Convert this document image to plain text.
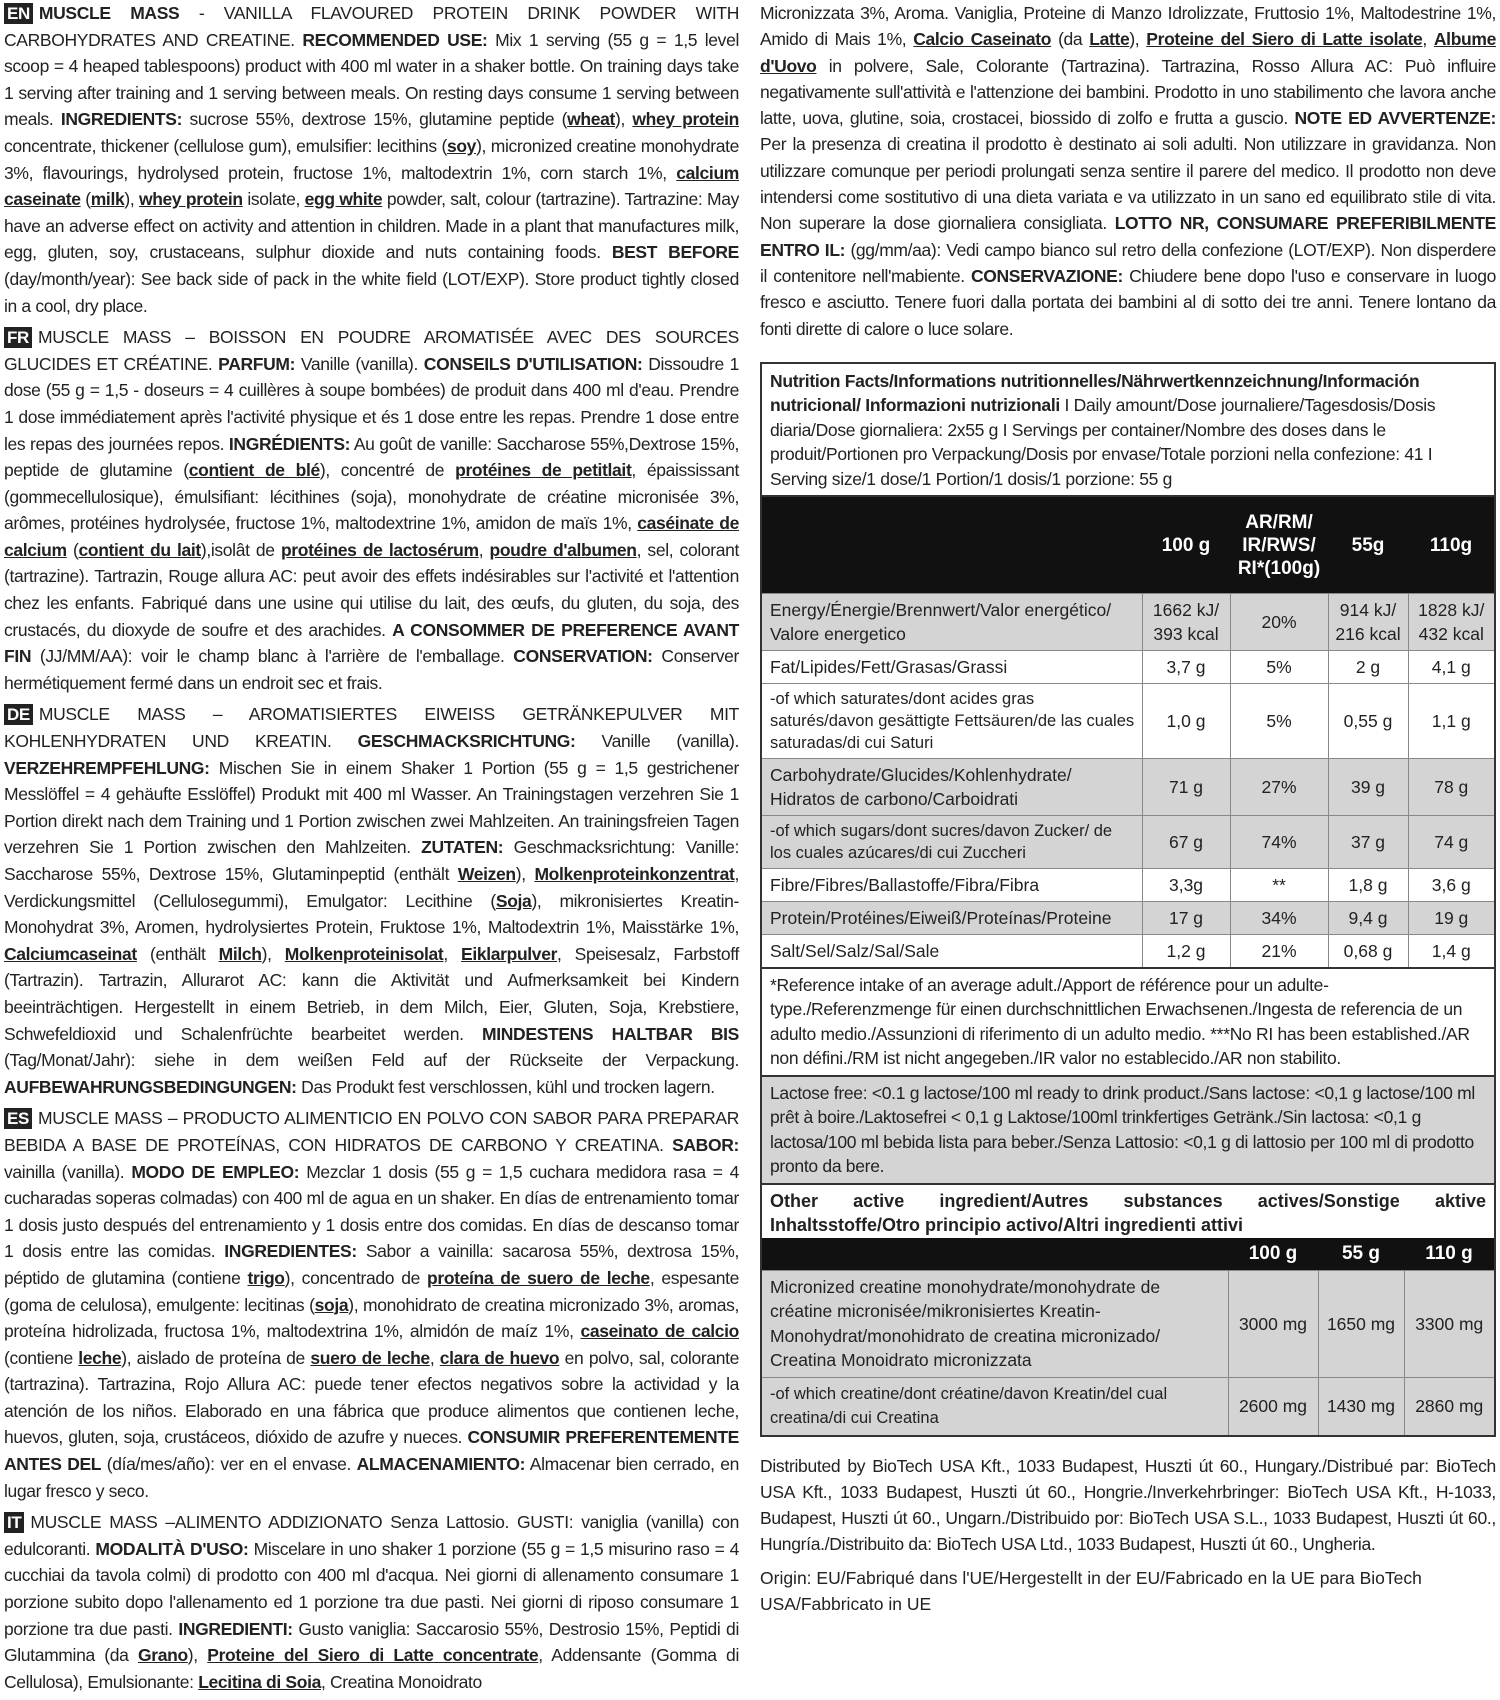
EN MUSCLE MASS - VANILLA FLAVOURED PROTEIN DRINK POWDER WITH CARBOHYDRATES AND CREATINE. RECOMMENDED USE: Mix 1 serving (55 g = 1,5 level scoop = 4 heaped tablespoons) product with 400 ml water in a shaker bottle. On training days take 1 serving after training and 1 serving between meals. On resting days consume 1 serving between meals. INGREDIENTS: sucrose 55%, dextrose 15%, glutamine peptide (wheat), whey protein concentrate, thickener (cellulose gum), emulsifier: lecithins (soy), micronized creatine monohydrate 3%, flavourings, hydrolysed protein, fructose 1%, maltodextrin 1%, corn starch 1%, calcium caseinate (milk), whey protein isolate, egg white powder, salt, colour (tartrazine). Tartrazine: May have an adverse effect on activity and attention in children. Made in a plant that manufactures milk, egg, gluten, soy, crustaceans, sulphur dioxide and nuts containing foods. BEST BEFORE (day/month/year): See back side of pack in the white field (LOT/EXP). Store product tightly closed in a cool, dry place.

FR MUSCLE MASS – BOISSON EN POUDRE AROMATISÉE AVEC DES SOURCES GLUCIDES ET CRÉATINE. PARFUM: Vanille (vanilla). CONSEILS D'UTILISATION: Dissoudre 1 dose (55 g = 1,5 - doseurs = 4 cuillères à soupe bombées) de produit dans 400 ml d'eau. Prendre 1 dose immédiatement après l'activité physique et és 1 dose entre les repas. Prendre 1 dose entre les repas des journées repos. INGRÉDIENTS: Au goût de vanille: Saccharose 55%,Dextrose 15%, peptide de glutamine (contient de blé), concentré de protéines de petitlait, épaississant (gommecellulosique), émulsifiant: lécithines (soja), monohydrate de créatine micronisée 3%, arômes, protéines hydrolysée, fructose 1%, maltodextrine 1%, amidon de maïs 1%, caséinate de calcium (contient du lait),isolât de protéines de lactosérum, poudre d'albumen, sel, colorant (tartrazine). Tartrazin, Rouge allura AC: peut avoir des effets indésirables sur l'activité et l'attention chez les enfants. Fabriqué dans une usine qui utilise du lait, des œufs, du gluten, du soja, des crustacés, du dioxyde de soufre et des arachides. A CONSOMMER DE PREFERENCE AVANT FIN (JJ/MM/AA): voir le champ blanc à l'arrière de l'emballage. CONSERVATION: Conserver hermétiquement fermé dans un endroit sec et frais.

DE MUSCLE MASS – AROMATISIERTES EIWEISS GETRÄNKEPULVER MIT KOHLENHYDRATEN UND KREATIN. GESCHMACKSRICHTUNG: Vanille (vanilla). VERZEHREMPFEHLUNG: Mischen Sie in einem Shaker 1 Portion (55 g = 1,5 gestrichener Messlöffel = 4 gehäufte Esslöffel) Produkt mit 400 ml Wasser. An Trainingstagen verzehren Sie 1 Portion direkt nach dem Training und 1 Portion zwischen zwei Mahlzeiten. An trainingsfreien Tagen verzehren Sie 1 Portion zwischen den Mahlzeiten. ZUTATEN: Geschmacksrichtung: Vanille: Saccharose 55%, Dextrose 15%, Glutaminpeptid (enthält Weizen), Molkenproteinkonzentrat, Verdickungsmittel (Cellulosegummi), Emulgator: Lecithine (Soja), mikronisiertes Kreatin-Monohydrat 3%, Aromen, hydrolysiertes Protein, Fruktose 1%, Maltodextrin 1%, Maisstärke 1%, Calciumcaseinat (enthält Milch), Molkenproteinisolat, Eiklarpulver, Speisesalz, Farbstoff (Tartrazin). Tartrazin, Allurarot AC: kann die Aktivität und Aufmerksamkeit bei Kindern beeinträchtigen. Hergestellt in einem Betrieb, in dem Milch, Eier, Gluten, Soja, Krebstiere, Schwefeldioxid und Schalenfrüchte bearbeitet werden. MINDESTENS HALTBAR BIS (Tag/Monat/Jahr): siehe in dem weißen Feld auf der Rückseite der Verpackung. AUFBEWAHRUNGSBEDINGUNGEN: Das Produkt fest verschlossen, kühl und trocken lagern.

ES MUSCLE MASS – PRODUCTO ALIMENTICIO EN POLVO CON SABOR PARA PREPARAR BEBIDA A BASE DE PROTEÍNAS, CON HIDRATOS DE CARBONO Y CREATINA. SABOR: vainilla (vanilla). MODO DE EMPLEO: Mezclar 1 dosis (55 g = 1,5 cuchara medidora rasa = 4 cucharadas soperas colmadas) con 400 ml de agua en un shaker. En días de entrenamiento tomar 1 dosis justo después del entrenamiento y 1 dosis entre dos comidas. En días de descanso tomar 1 dosis entre las comidas. INGREDIENTES: Sabor a vainilla: sacarosa 55%, dextrosa 15%, péptido de glutamina (contiene trigo), concentrado de proteína de suero de leche, espesante (goma de celulosa), emulgente: lecitinas (soja), monohidrato de creatina micronizado 3%, aromas, proteína hidrolizada, fructosa 1%, maltodextrina 1%, almidón de maíz 1%, caseinato de calcio (contiene leche), aislado de proteína de suero de leche, clara de huevo en polvo, sal, colorante (tartrazina). Tartrazina, Rojo Allura AC: puede tener efectos negativos sobre la actividad y la atención de los niños. Elaborado en una fábrica que produce alimentos que contienen leche, huevos, gluten, soja, crustáceos, dióxido de azufre y nueces. CONSUMIR PREFERENTEMENTE ANTES DEL (día/mes/año): ver en el envase. ALMACENAMIENTO: Almacenar bien cerrado, en lugar fresco y seco.

IT MUSCLE MASS –ALIMENTO ADDIZIONATO Senza Lattosio. GUSTI: vaniglia (vanilla) con edulcoranti. MODALITÀ D'USO: Miscelare in uno shaker 1 porzione (55 g = 1,5 misurino raso = 4 cucchiai da tavola colmi) di prodotto con 400 ml d'acqua. Nei giorni di allenamento consumare 1 porzione subito dopo l'allenamento ed 1 porzione tra due pasti. Nei giorni di riposo consumare 1 porzione tra due pasti. INGREDIENTI: Gusto vaniglia: Saccarosio 55%, Destrosio 15%, Peptidi di Glutammina (da Grano), Proteine del Siero di Latte concentrate, Addensante (Gomma di Cellulosa), Emulsionante: Lecitina di Soia, Creatina Monoidrato

Micronizzata 3%, Aroma. Vaniglia, Proteine di Manzo Idrolizzate, Fruttosio 1%, Maltodestrine 1%, Amido di Mais 1%, Calcio Caseinato (da Latte), Proteine del Siero di Latte isolate, Albume d'Uovo in polvere, Sale, Colorante (Tartrazina). Tartrazina, Rosso Allura AC: Può influire negativamente sull'attività e l'attenzione dei bambini. Prodotto in uno stabilimento che lavora anche latte, uova, glutine, soia, crostacei, biossido di zolfo e frutta a guscio. NOTE ED AVVERTENZE: Per la presenza di creatina il prodotto è destinato ai soli adulti. Non utilizzare in gravidanza. Non utilizzare comunque per periodi prolungati senza sentire il parere del medico. Il prodotto non deve intendersi come sostitutivo di una dieta variata e va utilizzato in un sano ed equilibrato stile di vita. Non superare la dose giornaliera consigliata. LOTTO NR, CONSUMARE PREFERIBILMENTE ENTRO IL: (gg/mm/aa): Vedi campo bianco sul retro della confezione (LOT/EXP). Non disperdere il contenitore nell'mabiente. CONSERVAZIONE: Chiudere bene dopo l'uso e conservare in luogo fresco e asciutto. Tenere fuori dalla portata dei bambini al di sotto dei tre anni. Tenere lontano da fonti dirette di calore o luce solare.

Nutrition Facts/Informations nutritionnelles/Nährwertkennzeichnung/Información nutricional/ Informazioni nutrizionali I Daily amount/Dose journaliere/Tagesdosis/Dosis diaria/Dose giornaliera: 2x55 g I Servings per container/Nombre des doses dans le produit/Portionen pro Verpackung/Dosis por envase/Totale porzioni nella confezione: 41 I Serving size/1 dose/1 Portion/1 dosis/1 porzione: 55 g
	100 g	AR/RM/ IR/RWS/ RI*(100g)	55g	110g
Energy/Énergie/Brennwert/Valor energético/ Valore energetico	1662 kJ/ 393 kcal	20%	914 kJ/ 216 kcal	1828 kJ/ 432 kcal
Fat/Lipides/Fett/Grasas/Grassi	3,7 g	5%	2 g	4,1 g
-of which saturates/dont acides gras saturés/davon gesättigte Fettsäuren/de las cuales saturadas/di cui Saturi	1,0 g	5%	0,55 g	1,1 g
Carbohydrate/Glucides/Kohlenhydrate/ Hidratos de carbono/Carboidrati	71 g	27%	39 g	78 g
-of which sugars/dont sucres/davon Zucker/ de los cuales azúcares/di cui Zuccheri	67 g	74%	37 g	74 g
Fibre/Fibres/Ballastoffe/Fibra/Fibra	3,3g	**	1,8 g	3,6 g
Protein/Protéines/Eiweiß/Proteínas/Proteine	17 g	34%	9,4 g	19 g
Salt/Sel/Salz/Sal/Sale	1,2 g	21%	0,68 g	1,4 g
*Reference intake of an average adult./Apport de référence pour un adulte-type./Referenzmenge für einen durchschnittlichen Erwachsenen./Ingesta de referencia de un adulto medio./Assunzioni di riferimento di un adulto medio. ***No RI has been established./AR non défini./RM ist nicht angegeben./IR valor no establecido./AR non stabilito.
Lactose free: <0.1 g lactose/100 ml ready to drink product./Sans lactose: <0,1 g lactose/100 ml prêt à boire./Laktosefrei < 0,1 g Laktose/100ml trinkfertiges Getränk./Sin lactosa: <0,1 g lactosa/100 ml bebida lista para beber./Senza Lattosio: <0,1 g di lattosio per 100 ml di prodotto pronto da bere.
Other active ingredient/Autres substances actives/Sonstige aktive Inhaltsstoffe/Otro principio activo/Altri ingredienti attivi
	100 g	55 g	110 g
Micronized creatine monohydrate/monohydrate de créatine micronisée/mikronisiertes Kreatin-Monohydrat/monohidrato de creatina micronizado/ Creatina Monoidrato micronizzata	3000 mg	1650 mg	3300 mg
-of which creatine/dont créatine/davon Kreatin/del cual creatina/di cui Creatina	2600 mg	1430 mg	2860 mg
Distributed by BioTech USA Kft., 1033 Budapest, Huszti út 60., Hungary./Distribué par: BioTech USA Kft., 1033 Budapest, Huszti út 60., Hongrie./Inverkehrbringer: BioTech USA Kft., H-1033, Budapest, Huszti út 60., Ungarn./Distribuido por: BioTech USA S.L., 1033 Budapest, Huszti út 60., Hungría./Distribuito da: BioTech USA Ltd., 1033 Budapest, Huszti út 60., Ungheria.
Origin: EU/Fabriqué dans l'UE/Hergestellt in der EU/Fabricado en la UE para BioTech USA/Fabbricato in UE
